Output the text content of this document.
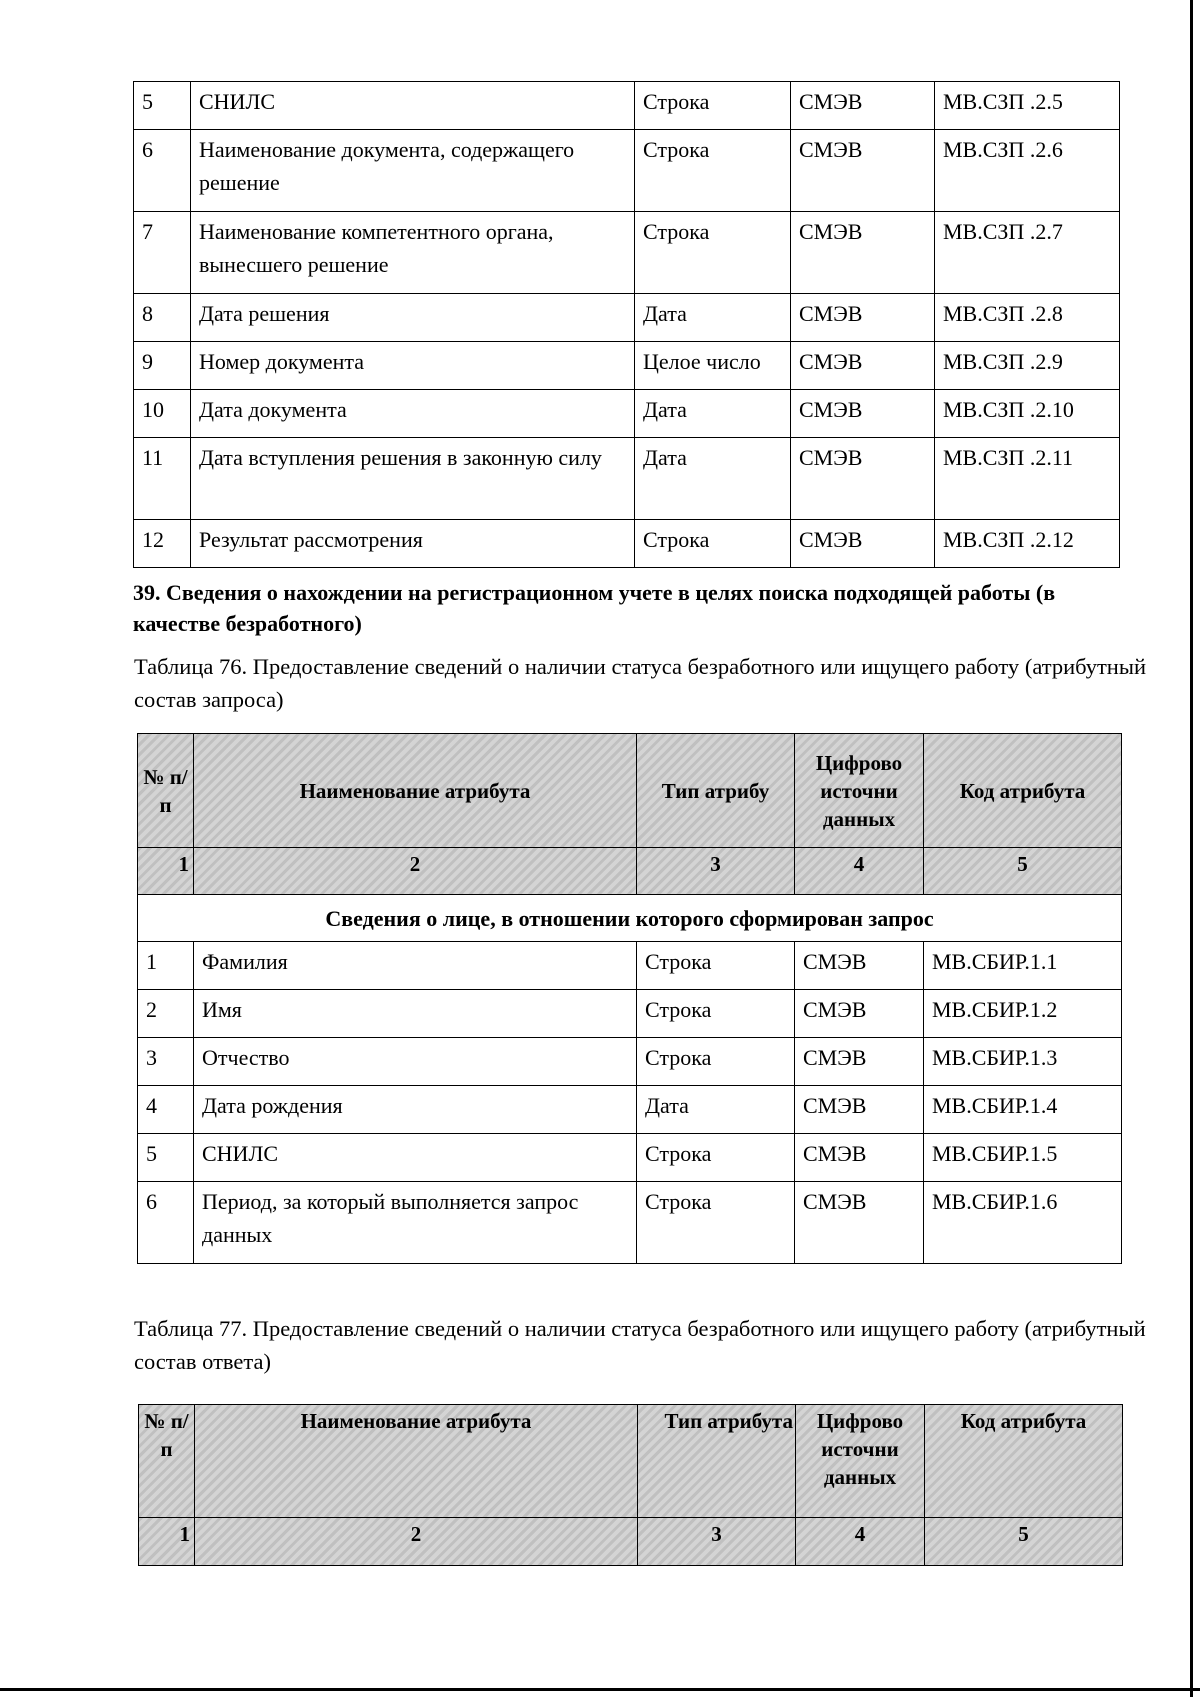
5	СНИЛС	Строка	СМЭВ	МВ.СЗП .2.5
6	Наименование документа, содержащего решение	Строка	СМЭВ	МВ.СЗП .2.6
7	Наименование компетентного органа, вынесшего решение	Строка	СМЭВ	МВ.СЗП .2.7
8	Дата решения	Дата	СМЭВ	МВ.СЗП .2.8
9	Номер документа	Целое число	СМЭВ	МВ.СЗП .2.9
10	Дата документа	Дата	СМЭВ	МВ.СЗП .2.10
11	Дата вступления решения в законную силу	Дата	СМЭВ	МВ.СЗП .2.11
12	Результат рассмотрения	Строка	СМЭВ	МВ.СЗП .2.12
39. Сведения о нахождении на регистрационном учете в целях поиска подходящей работы (в качестве безработного)
Таблица 76. Предоставление сведений о наличии статуса безработного или ищущего работу (атрибутный состав запроса)
№ п/п	Наименование атрибута	Тип атрибу	Цифрово источни данных	Код атрибута
1	2	3	4	5
Сведения о лице, в отношении которого сформирован запрос				
1	Фамилия	Строка	СМЭВ	МВ.СБИР.1.1
2	Имя	Строка	СМЭВ	МВ.СБИР.1.2
3	Отчество	Строка	СМЭВ	МВ.СБИР.1.3
4	Дата рождения	Дата	СМЭВ	МВ.СБИР.1.4
5	СНИЛС	Строка	СМЭВ	МВ.СБИР.1.5
6	Период, за который выполняется запрос данных	Строка	СМЭВ	МВ.СБИР.1.6
Таблица 77. Предоставление сведений о наличии статуса безработного или ищущего работу (атрибутный состав ответа)
№ п/п	Наименование атрибута	Тип атрибута	Цифрово источни данных	Код атрибута
1	2	3	4	5
